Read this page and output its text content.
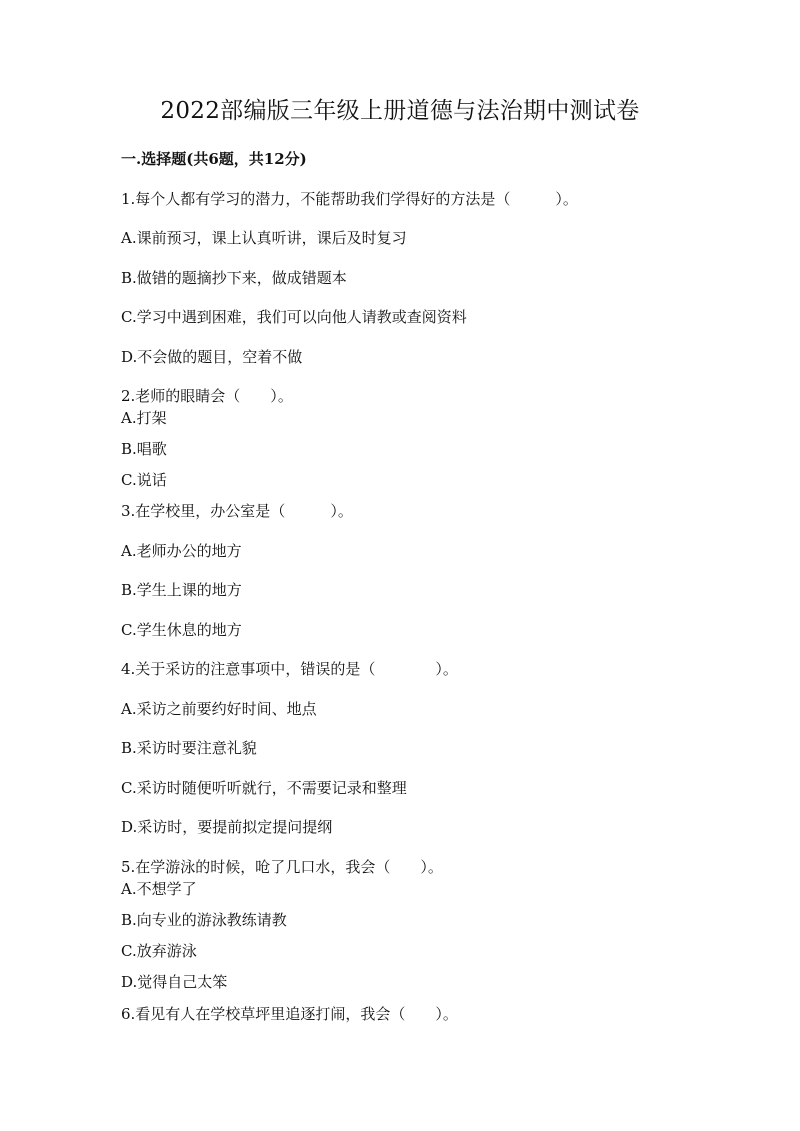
2022部编版三年级上册道德与法治期中测试卷
一.选择题(共6题，共12分)
1.每个人都有学习的潜力，不能帮助我们学得好的方法是（　　　）。
A.课前预习，课上认真听讲，课后及时复习
B.做错的题摘抄下来，做成错题本
C.学习中遇到困难，我们可以向他人请教或查阅资料
D.不会做的题目，空着不做
2.老师的眼睛会（　　）。
A.打架
B.唱歌
C.说话
3.在学校里，办公室是（　　　）。
A.老师办公的地方
B.学生上课的地方
C.学生休息的地方
4.关于采访的注意事项中，错误的是（　　　　）。
A.采访之前要约好时间、地点
B.采访时要注意礼貌
C.采访时随便听听就行，不需要记录和整理
D.采访时，要提前拟定提问提纲
5.在学游泳的时候，呛了几口水，我会（　　）。
A.不想学了
B.向专业的游泳教练请教
C.放弃游泳
D.觉得自己太笨
6.看见有人在学校草坪里追逐打闹，我会（　　）。
